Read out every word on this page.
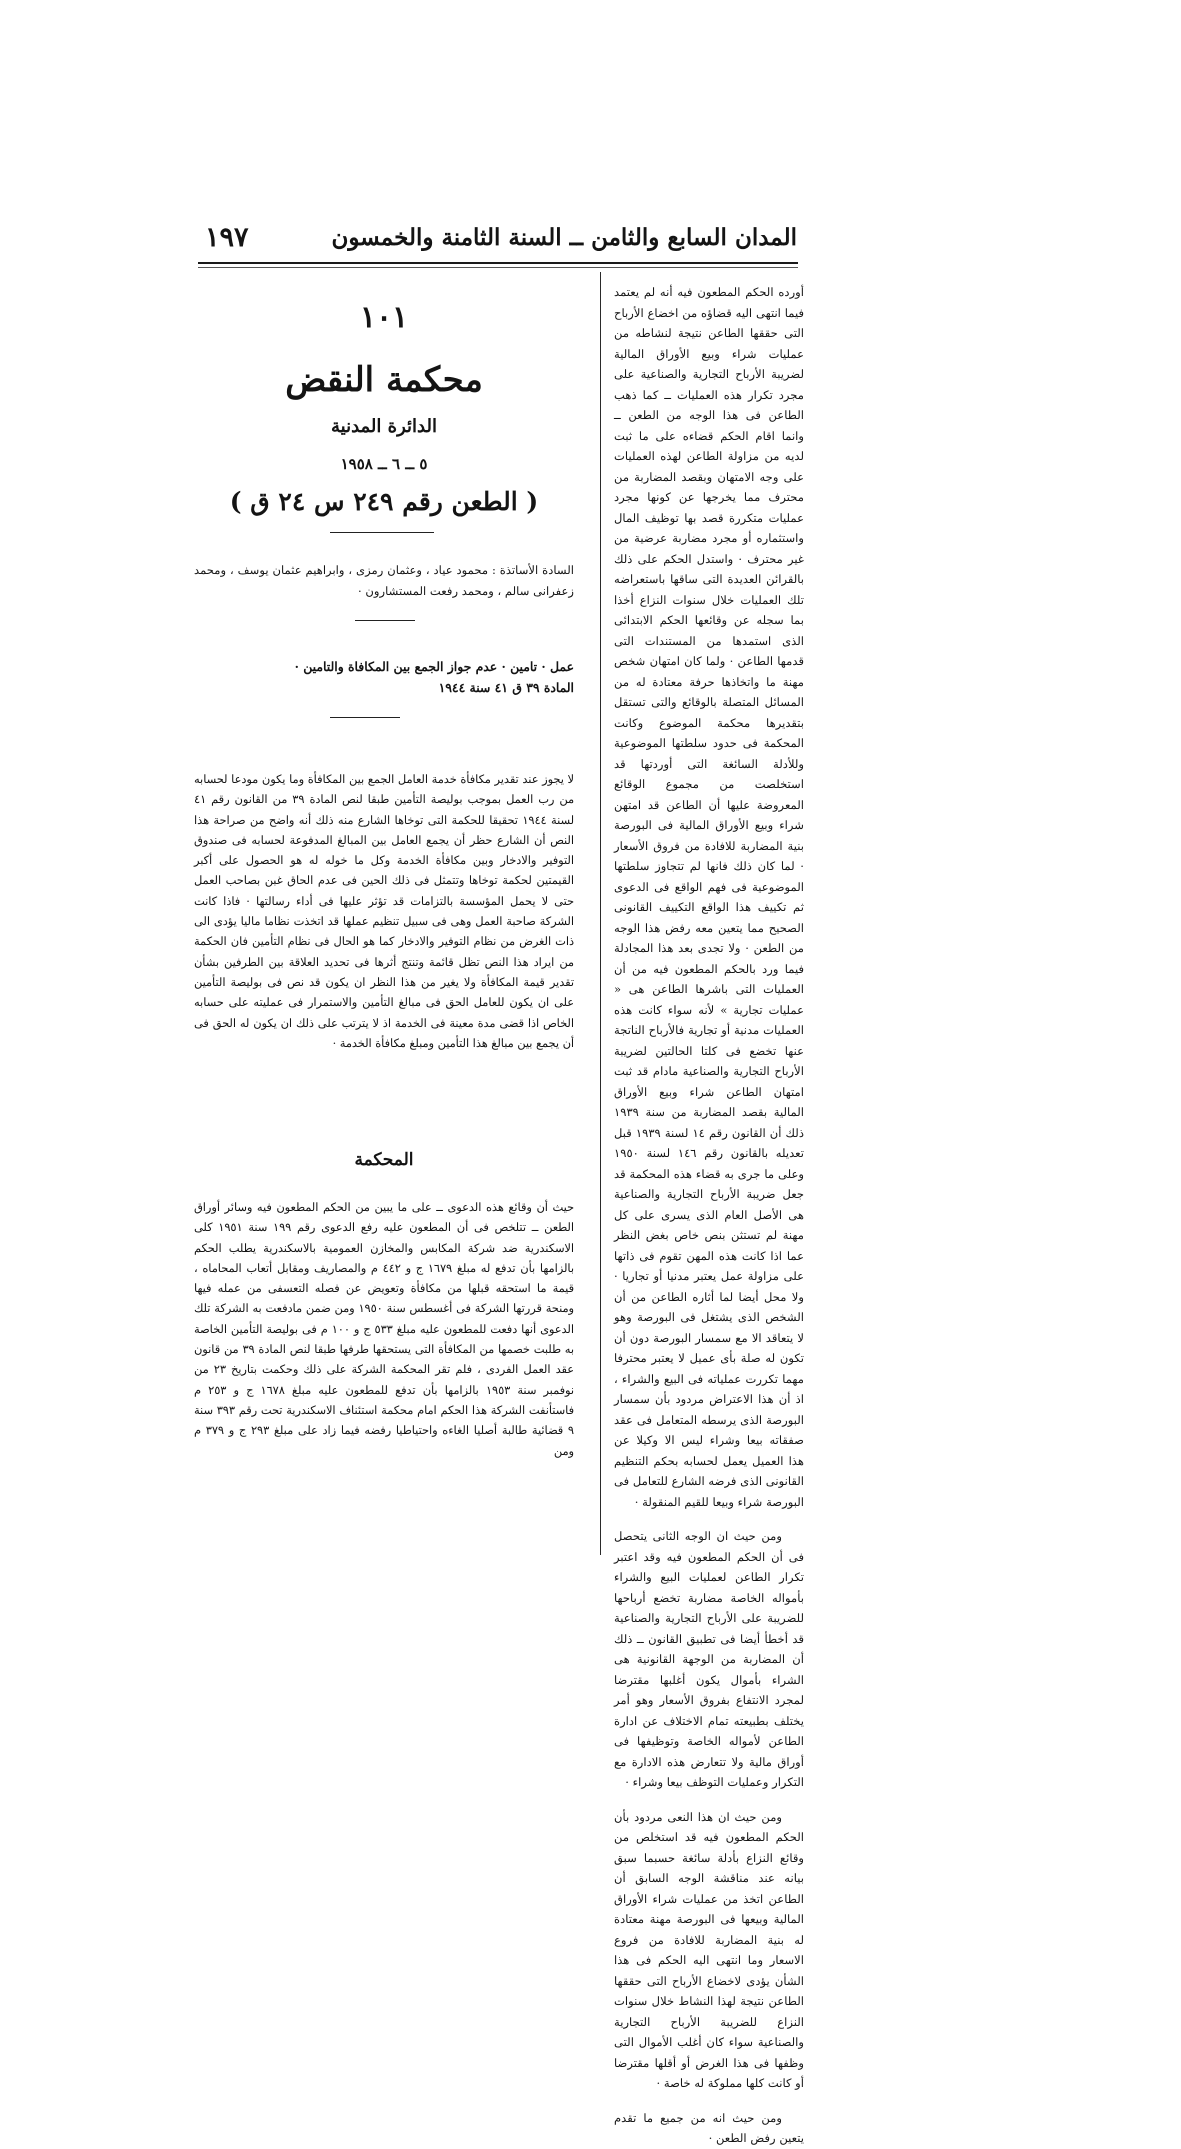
المدان السابع والثامن ــ السنة الثامنة والخمسون
١٩٧

أورده الحكم المطعون فيه أنه لم يعتمد فيما انتهى اليه قضاؤه من اخضاع الأرباح التى حققها الطاعن نتيجة لنشاطه من عمليات شراء وبيع الأوراق المالية لضريبة الأرباح التجارية والصناعية على مجرد تكرار هذه العمليات ــ كما ذهب الطاعن فى هذا الوجه من الطعن ــ وانما اقام الحكم قضاءه على ما ثبت لديه من مزاولة الطاعن لهذه العمليات على وجه الامتهان وبقصد المضاربة من محترف مما يخرجها عن كونها مجرد عمليات متكررة قصد بها توظيف المال واستثماره أو مجرد مضاربة عرضية من غير محترف · واستدل الحكم على ذلك بالقرائن العديدة التى ساقها باستعراضه تلك العمليات خلال سنوات النزاع أخذا بما سجله عن وقائعها الحكم الابتدائى الذى استمدها من المستندات التى قدمها الطاعن · ولما كان امتهان شخص مهنة ما واتخاذها حرفة معتادة له من المسائل المتصلة بالوقائع والتى تستقل بتقديرها محكمة الموضوع وكانت المحكمة فى حدود سلطتها الموضوعية وللأدلة السائغة التى أوردتها قد استخلصت من مجموع الوقائع المعروضة عليها أن الطاعن قد امتهن شراء وبيع الأوراق المالية فى البورصة بنية المضاربة للافادة من فروق الأسعار · لما كان ذلك فانها لم تتجاوز سلطتها الموضوعية فى فهم الواقع فى الدعوى ثم تكييف هذا الواقع التكييف القانونى الصحيح مما يتعين معه رفض هذا الوجه من الطعن · ولا تجدى بعد هذا المجادلة فيما ورد بالحكم المطعون فيه من أن العمليات التى باشرها الطاعن هى « عمليات تجارية » لأنه سواء كانت هذه العمليات مدنية أو تجارية فالأرباح الناتجة عنها تخضع فى كلتا الحالتين لضريبة الأرباح التجارية والصناعية مادام قد ثبت امتهان الطاعن شراء وبيع الأوراق المالية بقصد المضاربة من سنة ١٩٣٩ ذلك أن القانون رقم ١٤ لسنة ١٩٣٩ قبل تعديله بالقانون رقم ١٤٦ لسنة ١٩٥٠ وعلى ما جرى به قضاء هذه المحكمة قد جعل ضريبة الأرباح التجارية والصناعية هى الأصل العام الذى يسرى على كل مهنة لم تستثن بنص خاص بغض النظر عما اذا كانت هذه المهن تقوم فى ذاتها على مزاولة عمل يعتبر مدنيا أو تجاريا · ولا محل أيضا لما أثاره الطاعن من أن الشخص الذى يشتغل فى البورصة وهو لا يتعاقد الا مع سمسار البورصة دون أن تكون له صلة بأى عميل لا يعتبر محترفا مهما تكررت عملياته فى البيع والشراء ، اذ أن هذا الاعتراض مردود بأن سمسار البورصة الذى يرسطه المتعامل فى عقد صفقاته بيعا وشراء ليس الا وكيلا عن هذا العميل يعمل لحسابه بحكم التنظيم القانونى الذى فرضه الشارع للتعامل فى البورصة شراء وبيعا للقيم المنقولة ·

ومن حيث ان الوجه الثانى يتحصل فى أن الحكم المطعون فيه وقد اعتبر تكرار الطاعن لعمليات البيع والشراء بأمواله الخاصة مضاربة تخضع أرباحها للضريبة على الأرباح التجارية والصناعية قد أخطأ أيضا فى تطبيق القانون ــ ذلك أن المضاربة من الوجهة القانونية هى الشراء بأموال يكون أغلبها مقترضا لمجرد الانتفاع بفروق الأسعار وهو أمر يختلف بطبيعته تمام الاختلاف عن ادارة الطاعن لأمواله الخاصة وتوظيفها فى أوراق مالية ولا تتعارض هذه الادارة مع التكرار وعمليات التوظف بيعا وشراء ·

ومن حيث ان هذا النعى مردود بأن الحكم المطعون فيه قد استخلص من وقائع النزاع بأدلة سائغة حسبما سبق بيانه عند مناقشة الوجه السابق أن الطاعن اتخذ من عمليات شراء الأوراق المالية وبيعها فى البورصة مهنة معتادة له بنية المضاربة للافادة من فروع الاسعار وما انتهى اليه الحكم فى هذا الشأن يؤدى لاخضاع الأرباح التى حققها الطاعن نتيجة لهذا النشاط خلال سنوات النزاع للضريبة الأرباح التجارية والصناعية سواء كان أغلب الأموال التى وظفها فى هذا الغرض أو أقلها مقترضا أو كانت كلها مملوكة له خاصة ·

ومن حيث انه من جميع ما تقدم يتعين رفض الطعن ·

١٠١
محكمة النقض
الدائرة المدنية
٥ ــ ٦ ــ ١٩٥٨
( الطعن رقم ٢٤٩ س ٢٤ ق )

السادة الأساتذة : محمود عياد ، وعثمان رمزى ، وابراهيم عثمان يوسف ، ومحمد زعفرانى سالم ، ومحمد رفعت المستشارون ·

عمل · تامين · عدم جواز الجمع بين المكافاة والتامين ·

المادة ٣٩ ق ٤١ سنة ١٩٤٤

لا يجوز عند تقدير مكافأة خدمة العامل الجمع بين المكافأة وما يكون مودعا لحسابه من رب العمل بموجب بوليصة التأمين طبقا لنص المادة ٣٩ من القانون رقم ٤١ لسنة ١٩٤٤ تحقيقا للحكمة التى توخاها الشارع منه ذلك أنه واضح من صراحة هذا النص أن الشارع حظر أن يجمع العامل بين المبالغ المدفوعة لحسابه فى صندوق التوفير والادخار وبين مكافأة الخدمة وكل ما خوله له هو الحصول على أكبر القيمتين لحكمة توخاها وتتمثل فى ذلك الحين فى عدم الحاق غبن بصاحب العمل حتى لا يحمل المؤسسة بالتزامات قد تؤثر عليها فى أداء رسالتها · فاذا كانت الشركة صاحبة العمل وهى فى سبيل تنظيم عملها قد اتخذت نظاما ماليا يؤدى الى ذات الغرض من نظام التوفير والادخار كما هو الحال فى نظام التأمين فان الحكمة من ايراد هذا النص تظل قائمة وتنتج أثرها فى تحديد العلاقة بين الطرفين بشأن تقدير قيمة المكافأة ولا يغير من هذا النظر ان يكون قد نص فى بوليصة التأمين على ان يكون للعامل الحق فى مبالغ التأمين والاستمرار فى عمليته على حسابه الخاص اذا قضى مدة معينة فى الخدمة اذ لا يترتب على ذلك ان يكون له الحق فى أن يجمع بين مبالغ هذا التأمين ومبلغ مكافأة الخدمة ·

المحكمة

حيث أن وقائع هذه الدعوى ــ على ما يبين من الحكم المطعون فيه وسائر أوراق الطعن ــ تتلخص فى أن المطعون عليه رفع الدعوى رقم ١٩٩ سنة ١٩٥١ كلى الاسكندرية ضد شركة المكابس والمخازن العمومية بالاسكندرية يطلب الحكم بالزامها بأن تدفع له مبلغ ١٦٧٩ ج و ٤٤٢ م والمصاريف ومقابل أتعاب المحاماه ، قيمة ما استحقه قبلها من مكافأة وتعويض عن فصله التعسفى من عمله فيها ومنحة قررتها الشركة فى أغسطس سنة ١٩٥٠ ومن ضمن مادفعت به الشركة تلك الدعوى أنها دفعت للمطعون عليه مبلغ ٥٣٣ ج و ١٠٠ م فى بوليصة التأمين الخاصة به طلبت خصمها من المكافأة التى يستحقها طرفها طبقا لنص المادة ٣٩ من قانون عقد العمل الفردى ، فلم تقر المحكمة الشركة على ذلك وحكمت بتاريخ ٢٣ من نوفمبر سنة ١٩٥٣ بالزامها بأن تدفع للمطعون عليه مبلغ ١٦٧٨ ج و ٢٥٣ م فاستأنفت الشركة هذا الحكم امام محكمة استئناف الاسكندرية تحت رقم ٣٩٣ سنة ٩ قضائية طالبة أصليا الغاءه واحتياطيا رفضه فيما زاد على مبلغ ٢٩٣ ج و ٣٧٩ م ومن
